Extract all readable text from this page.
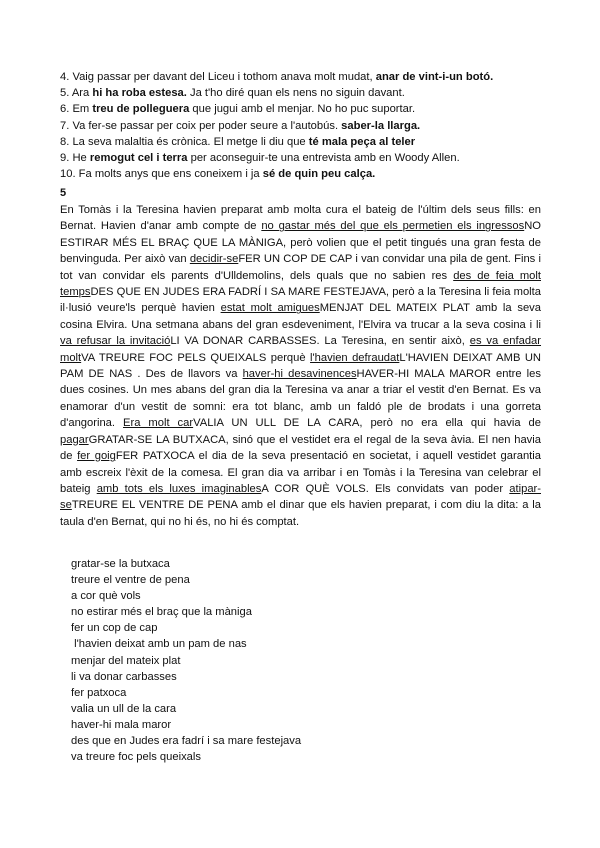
4. Vaig passar per davant del Liceu i tothom anava molt mudat, anar de vint-i-un botó.
5. Ara hi ha roba estesa. Ja t'ho diré quan els nens no siguin davant.
6. Em treu de polleguera que jugui amb el menjar. No ho puc suportar.
7. Va fer-se passar per coix per poder seure a l'autobús. saber-la llarga.
8. La seva malaltia és crònica. El metge li diu que té mala peça al teler
9. He remogut cel i terra per aconseguir-te una entrevista amb en Woody Allen.
10. Fa molts anys que ens coneixem i ja sé de quin peu calça.
5
En Tomàs i la Teresina havien preparat amb molta cura el bateig de l'últim dels seus fills: en Bernat. Havien d'anar amb compte de no gastar més del que els permetien els ingressosNO ESTIRAR MÉS EL BRAÇ QUE LA MÀNIGA, però volien que el petit tingués una gran festa de benvinguda. Per això van decidir-seFER UN COP DE CAP i van convidar una pila de gent. Fins i tot van convidar els parents d'Ulldemolins, dels quals que no sabien res des de feia molt tempsDES QUE EN JUDES ERA FADRÍ I SA MARE FESTEJAVA, però a la Teresina li feia molta il·lusió veure'ls perquè havien estat molt amiguesMENJAT DEL MATEIX PLAT amb la seva cosina Elvira. Una setmana abans del gran esdeveniment, l'Elvira va trucar a la seva cosina i li va refusar la invitacióLI VA DONAR CARBASSES. La Teresina, en sentir això, es va enfadar moltVA TREURE FOC PELS QUEIXALS perquè l'havien defraudatL'HAVIEN DEIXAT AMB UN PAM DE NAS . Des de llavors va haver-hi desavinencesHAVER-HI MALA MAROR entre les dues cosines. Un mes abans del gran dia la Teresina va anar a triar el vestit d'en Bernat. Es va enamorar d'un vestit de somni: era tot blanc, amb un faldó ple de brodats i una gorreta d'angorina. Era molt carVALIA UN ULL DE LA CARA, però no era ella qui havia de pagarGRATAR-SE LA BUTXACA, sinó que el vestidet era el regal de la seva àvia. El nen havia de fer goigFER PATXOCA el dia de la seva presentació en societat, i aquell vestidet garantia amb escreix l'èxit de la comesa. El gran dia va arribar i en Tomàs i la Teresina van celebrar el bateig amb tots els luxes imaginablesA COR QUÈ VOLS. Els convidats van poder atipar-seTREURE EL VENTRE DE PENA amb el dinar que els havien preparat, i com diu la dita: a la taula d'en Bernat, qui no hi és, no hi és comptat.
gratar-se la butxaca
treure el ventre de pena
a cor què vols
no estirar més el braç que la màniga
fer un cop de cap
l'havien deixat amb un pam de nas
menjar del mateix plat
li va donar carbasses
fer patxoca
valia un ull de la cara
haver-hi mala maror
des que en Judes era fadrí i sa mare festejava
va treure foc pels queixals
